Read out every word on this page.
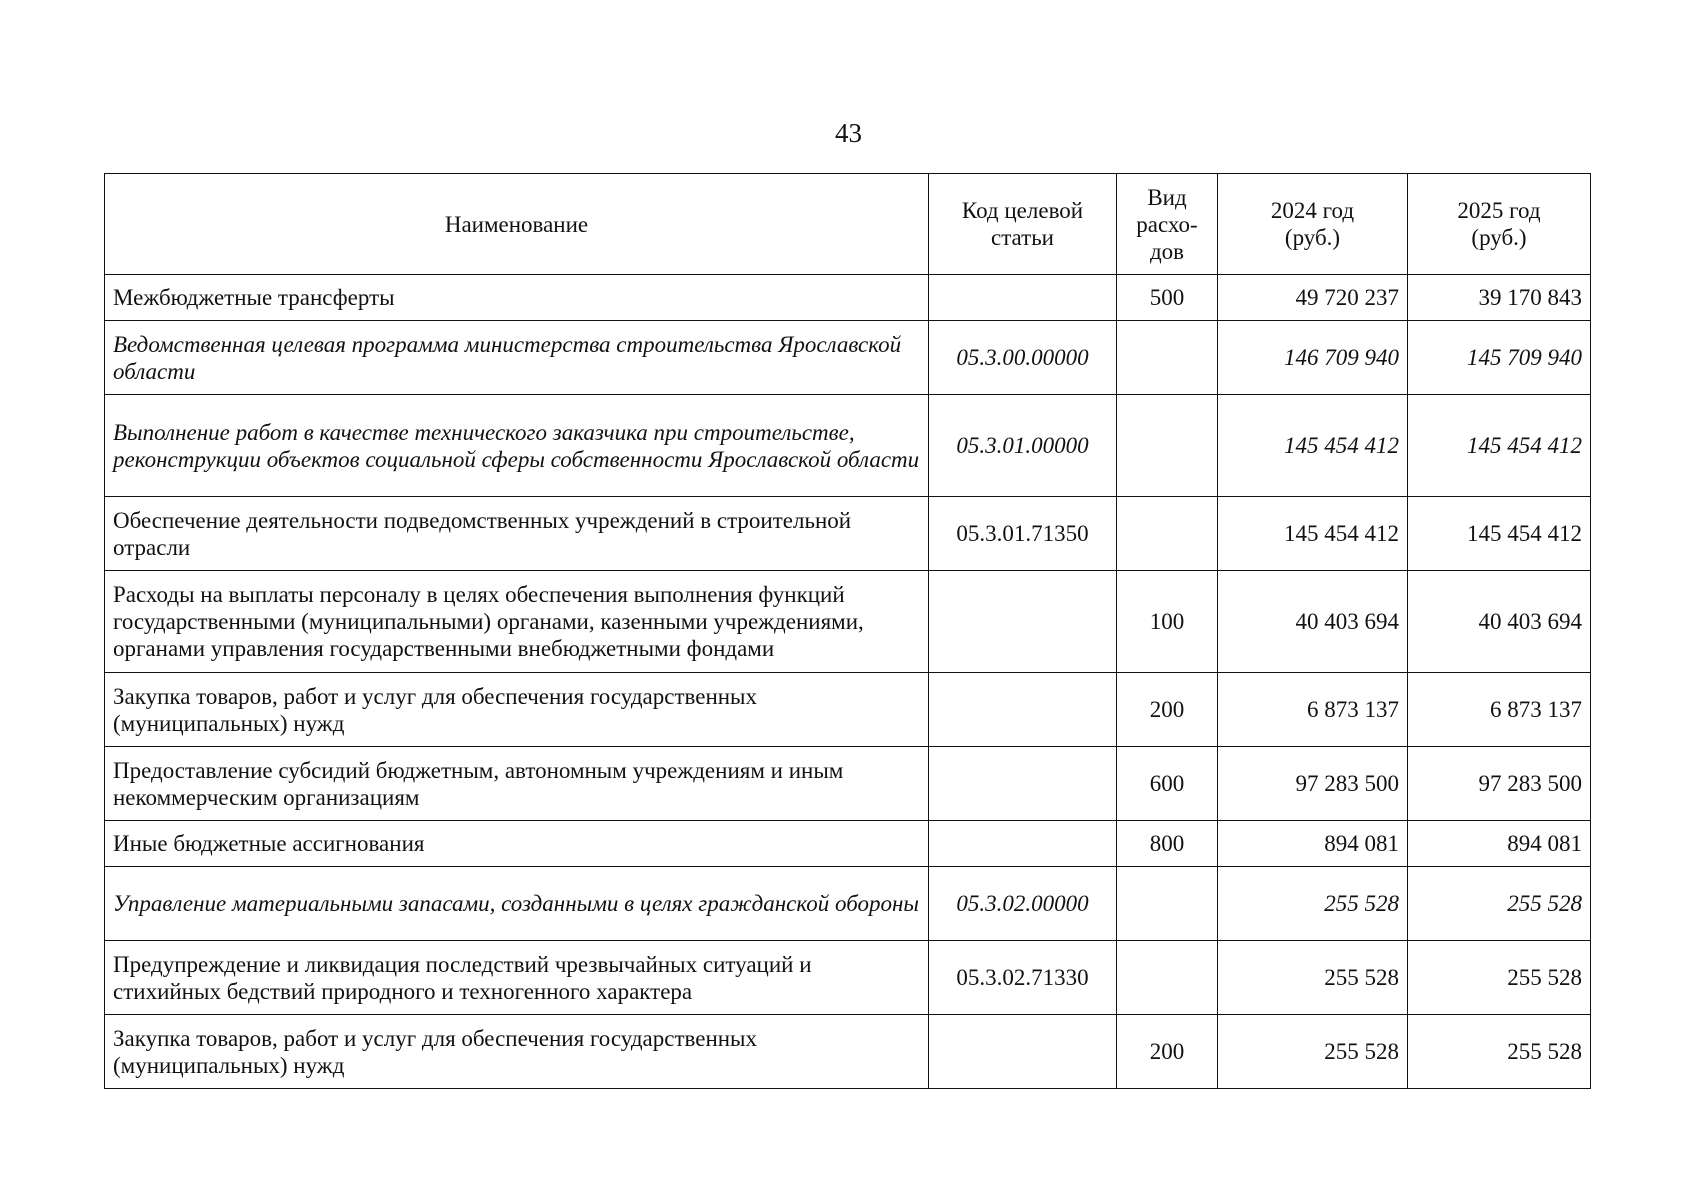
43
Наименование	Код целевой статьи	Вид расхо-дов	2024 год (руб.)	2025 год (руб.)
Межбюджетные трансферты		500	49 720 237	39 170 843
Ведомственная целевая программа министерства строительства Ярославской области	05.3.00.00000		146 709 940	145 709 940
Выполнение работ в качестве технического заказчика при строительстве, реконструкции объектов социальной сферы собственности Ярославской области	05.3.01.00000		145 454 412	145 454 412
Обеспечение деятельности подведомственных учреждений в строительной отрасли	05.3.01.71350		145 454 412	145 454 412
Расходы на выплаты персоналу в целях обеспечения выполнения функций государственными (муниципальными) органами, казенными учреждениями, органами управления государственными внебюджетными фондами		100	40 403 694	40 403 694
Закупка товаров, работ и услуг для обеспечения государственных (муниципальных) нужд		200	6 873 137	6 873 137
Предоставление субсидий бюджетным, автономным учреждениям и иным некоммерческим организациям		600	97 283 500	97 283 500
Иные бюджетные ассигнования		800	894 081	894 081
Управление материальными запасами, созданными в целях гражданской обороны	05.3.02.00000		255 528	255 528
Предупреждение и ликвидация последствий чрезвычайных ситуаций и стихийных бедствий природного и техногенного характера	05.3.02.71330		255 528	255 528
Закупка товаров, работ и услуг для обеспечения государственных (муниципальных) нужд		200	255 528	255 528
